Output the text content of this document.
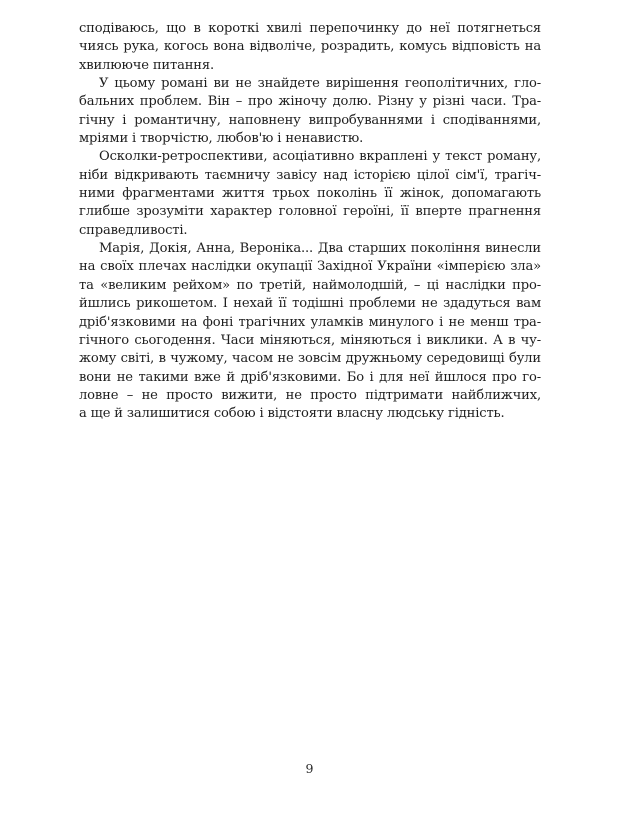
сподіваюсь, що в короткі хвилі перепочинку до неї потягнеться
чиясь рука, когось вона відволіче, розрадить, комусь відповість на
хвилююче питання.
У цьому романі ви не знайдете вирішення геополітичних, гло-
бальних проблем. Він – про жіночу долю. Різну у різні часи. Тра-
гічну і романтичну, наповнену випробуваннями і сподіваннями,
мріями і творчістю, любов'ю і ненавистю.
Осколки-ретроспективи, асоціативно вкраплені у текст роману,
ніби відкривають таємничу завісу над історією цілої сім'ї, трагіч-
ними фрагментами життя трьох поколінь її жінок, допомагають
глибше зрозуміти характер головної героїні, її вперте прагнення
справедливості.
Марія, Докія, Анна, Вероніка... Два старших покоління винесли
на своїх плечах наслідки окупації Західної України «імперією зла»
та «великим рейхом» по третій, наймолодшій, – ці наслідки про-
йшлись рикошетом. І нехай її тодішні проблеми не здадуться вам
дріб'язковими на фоні трагічних уламків минулого і не менш тра-
гічного сьогодення. Часи міняються, міняються і виклики. А в чу-
жому світі, в чужому, часом не зовсім дружньому середовищі були
вони не такими вже й дріб'язковими. Бо і для неї йшлося про го-
ловне – не просто вижити, не просто підтримати найближчих,
а ще й залишитися собою і відстояти власну людську гідність.
9
